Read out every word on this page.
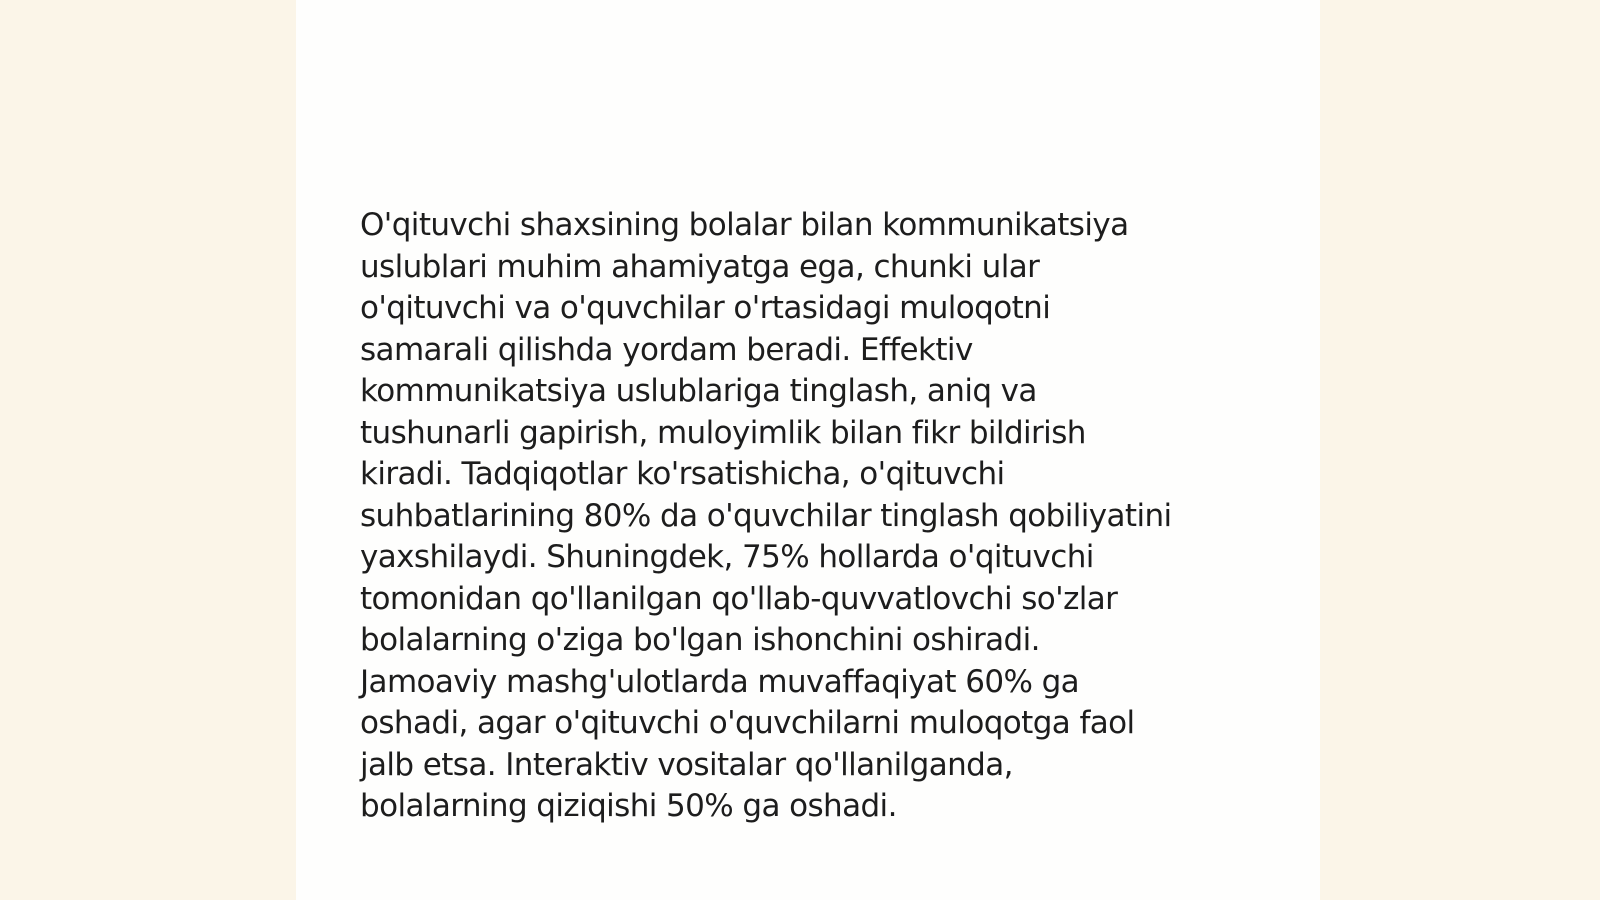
O'qituvchi shaxsining bolalar bilan kommunikatsiya
uslublari muhim ahamiyatga ega, chunki ular
o'qituvchi va o'quvchilar o'rtasidagi muloqotni
samarali qilishda yordam beradi. Effektiv
kommunikatsiya uslublariga tinglash, aniq va
tushunarli gapirish, muloyimlik bilan fikr bildirish
kiradi. Tadqiqotlar ko'rsatishicha, o'qituvchi
suhbatlarining 80% da o'quvchilar tinglash qobiliyatini
yaxshilaydi. Shuningdek, 75% hollarda o'qituvchi
tomonidan qo'llanilgan qo'llab-quvvatlovchi so'zlar
bolalarning o'ziga bo'lgan ishonchini oshiradi.
Jamoaviy mashg'ulotlarda muvaffaqiyat 60% ga
oshadi, agar o'qituvchi o'quvchilarni muloqotga faol
jalb etsa. Interaktiv vositalar qo'llanilganda,
bolalarning qiziqishi 50% ga oshadi.
